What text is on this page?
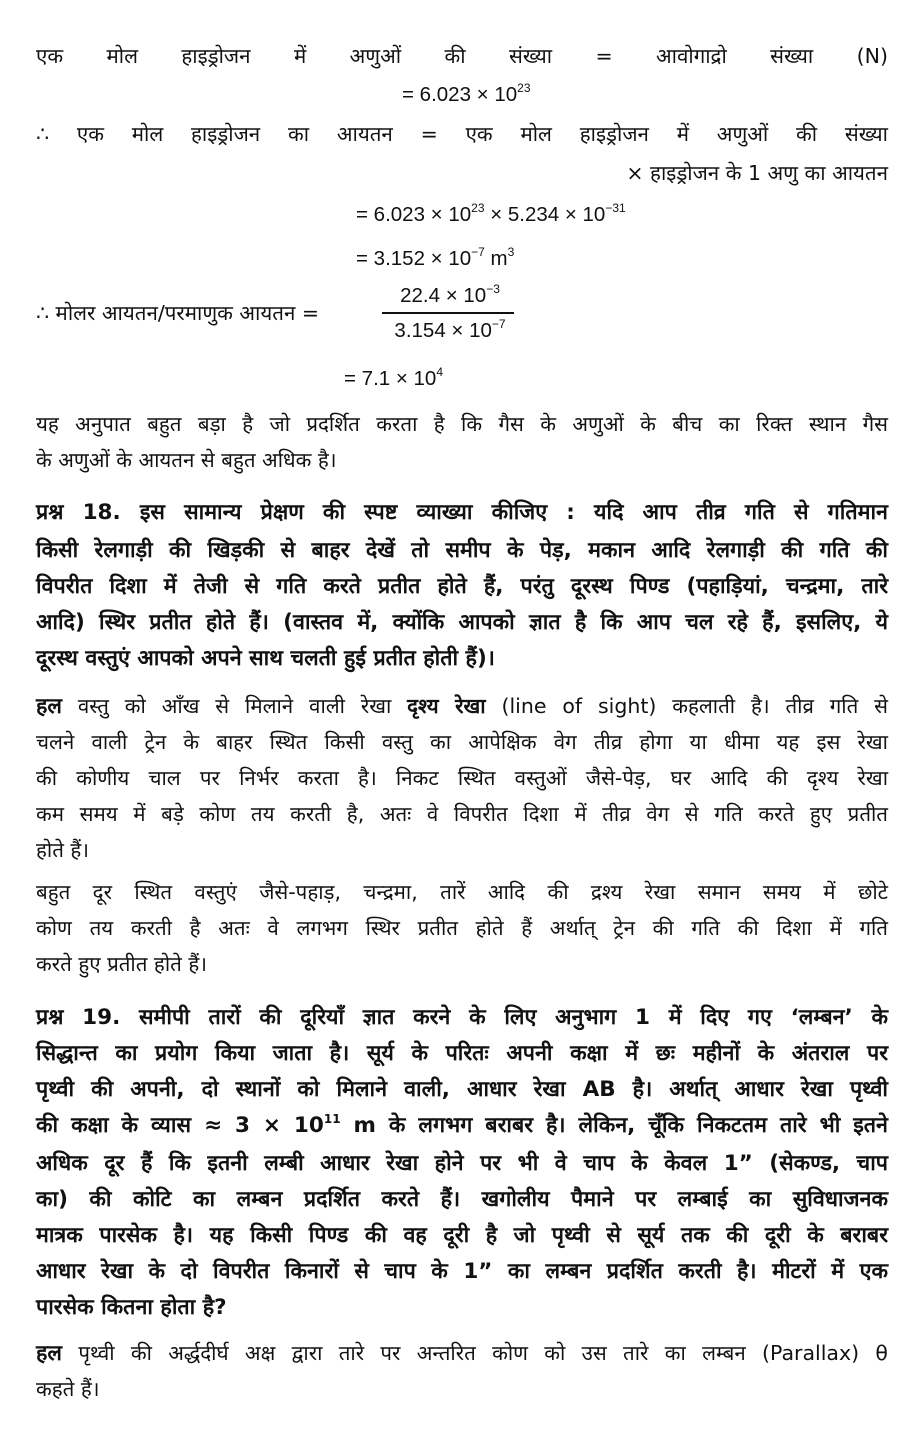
एक मोल हाइड्रोजन में अणुओं की संख्या = आवोगाद्रो संख्या (N)
= $6.023 \times 10^{23}$
∴ एक मोल हाइड्रोजन का आयतन = एक मोल हाइड्रोजन में अणुओं की संख्या
× हाइड्रोजन के 1 अणु का आयतन
= $6.023 \times 10^{23} \times 5.234 \times 10^{-31}$
= $3.152 \times 10^{-7}$ $m^3$
∴ मोलर आयतन/परमाणुक आयतन =
$22.4 \times 10^{-3}$
$3.154 \times 10^{-7}$
= $7.1 \times 10^4$
यह अनुपात बहुत बड़ा है जो प्रदर्शित करता है कि गैस के अणुओं के बीच का रिक्त स्थान गैस
के अणुओं के आयतन से बहुत अधिक है।
प्रश्न 18. इस सामान्य प्रेक्षण की स्पष्ट व्याख्या कीजिए : यदि आप तीव्र गति से गतिमान
किसी रेलगाड़ी की खिड़की से बाहर देखें तो समीप के पेड़, मकान आदि रेलगाड़ी की गति की
विपरीत दिशा में तेजी से गति करते प्रतीत होते हैं, परंतु दूरस्थ पिण्ड (पहाड़ियां, चन्द्रमा, तारे
आदि) स्थिर प्रतीत होते हैं। (वास्तव में, क्योंकि आपको ज्ञात है कि आप चल रहे हैं, इसलिए, ये
दूरस्थ वस्तुएं आपको अपने साथ चलती हुई प्रतीत होती हैं)।
हल वस्तु को आँख से मिलाने वाली रेखा दृश्य रेखा (line of sight) कहलाती है। तीव्र गति से
चलने वाली ट्रेन के बाहर स्थित किसी वस्तु का आपेक्षिक वेग तीव्र होगा या धीमा यह इस रेखा
की कोणीय चाल पर निर्भर करता है। निकट स्थित वस्तुओं जैसे-पेड़, घर आदि की दृश्य रेखा
कम समय में बड़े कोण तय करती है, अतः वे विपरीत दिशा में तीव्र वेग से गति करते हुए प्रतीत
होते हैं।
बहुत दूर स्थित वस्तुएं जैसे-पहाड़, चन्द्रमा, तारें आदि की द्रश्य रेखा समान समय में छोटे
कोण तय करती है अतः वे लगभग स्थिर प्रतीत होते हैं अर्थात् ट्रेन की गति की दिशा में गति
करते हुए प्रतीत होते हैं।
प्रश्न 19. समीपी तारों की दूरियाँ ज्ञात करने के लिए अनुभाग 1 में दिए गए ‘लम्बन’ के
सिद्धान्त का प्रयोग किया जाता है। सूर्य के परितः अपनी कक्षा में छः महीनों के अंतराल पर
पृथ्वी की अपनी, दो स्थानों को मिलाने वाली, आधार रेखा AB है। अर्थात् आधार रेखा पृथ्वी
की कक्षा के व्यास ≈ $3 \times 10^{11}$ m के लगभग बराबर है। लेकिन, चूँकि निकटतम तारे भी इतने
अधिक दूर हैं कि इतनी लम्बी आधार रेखा होने पर भी वे चाप के केवल 1” (सेकण्ड, चाप
का) की कोटि का लम्बन प्रदर्शित करते हैं। खगोलीय पैमाने पर लम्बाई का सुविधाजनक
मात्रक पारसेक है। यह किसी पिण्ड की वह दूरी है जो पृथ्वी से सूर्य तक की दूरी के बराबर
आधार रेखा के दो विपरीत किनारों से चाप के 1” का लम्बन प्रदर्शित करती है। मीटरों में एक
पारसेक कितना होता है?
हल पृथ्वी की अर्द्धदीर्घ अक्ष द्वारा तारे पर अन्तरित कोण को उस तारे का लम्बन (Parallax) θ
कहते हैं।
